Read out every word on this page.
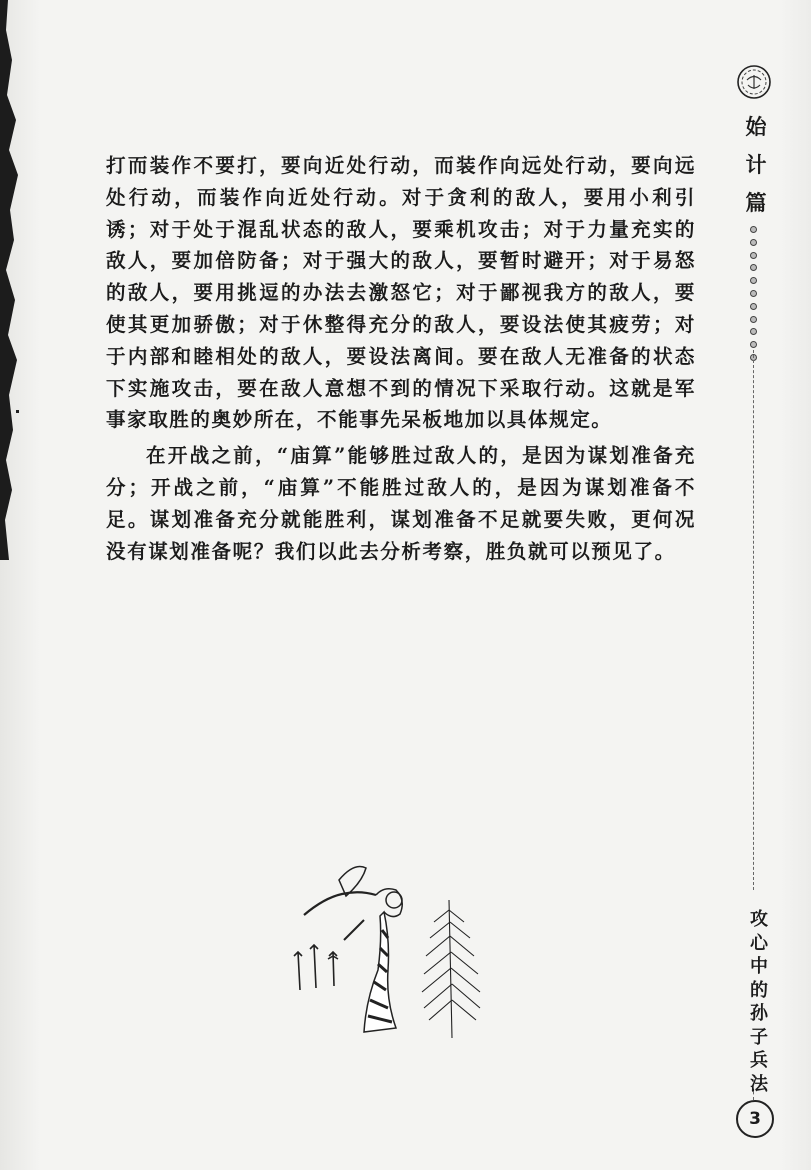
打而装作不要打，要向近处行动，而装作向远处行动，要向远处行动，而装作向近处行动。对于贪利的敌人，要用小利引诱；对于处于混乱状态的敌人，要乘机攻击；对于力量充实的敌人，要加倍防备；对于强大的敌人，要暂时避开；对于易怒的敌人，要用挑逗的办法去激怒它；对于鄙视我方的敌人，要使其更加骄傲；对于休整得充分的敌人，要设法使其疲劳；对于内部和睦相处的敌人，要设法离间。要在敌人无准备的状态下实施攻击，要在敌人意想不到的情况下采取行动。这就是军事家取胜的奥妙所在，不能事先呆板地加以具体规定。

在开战之前，“庙算”能够胜过敌人的，是因为谋划准备充分；开战之前，“庙算”不能胜过敌人的，是因为谋划准备不足。谋划准备充分就能胜利，谋划准备不足就要失败，更何况没有谋划准备呢？我们以此去分析考察，胜负就可以预见了。

始
计
篇
攻
心
中
的
孙
子
兵
法
3
